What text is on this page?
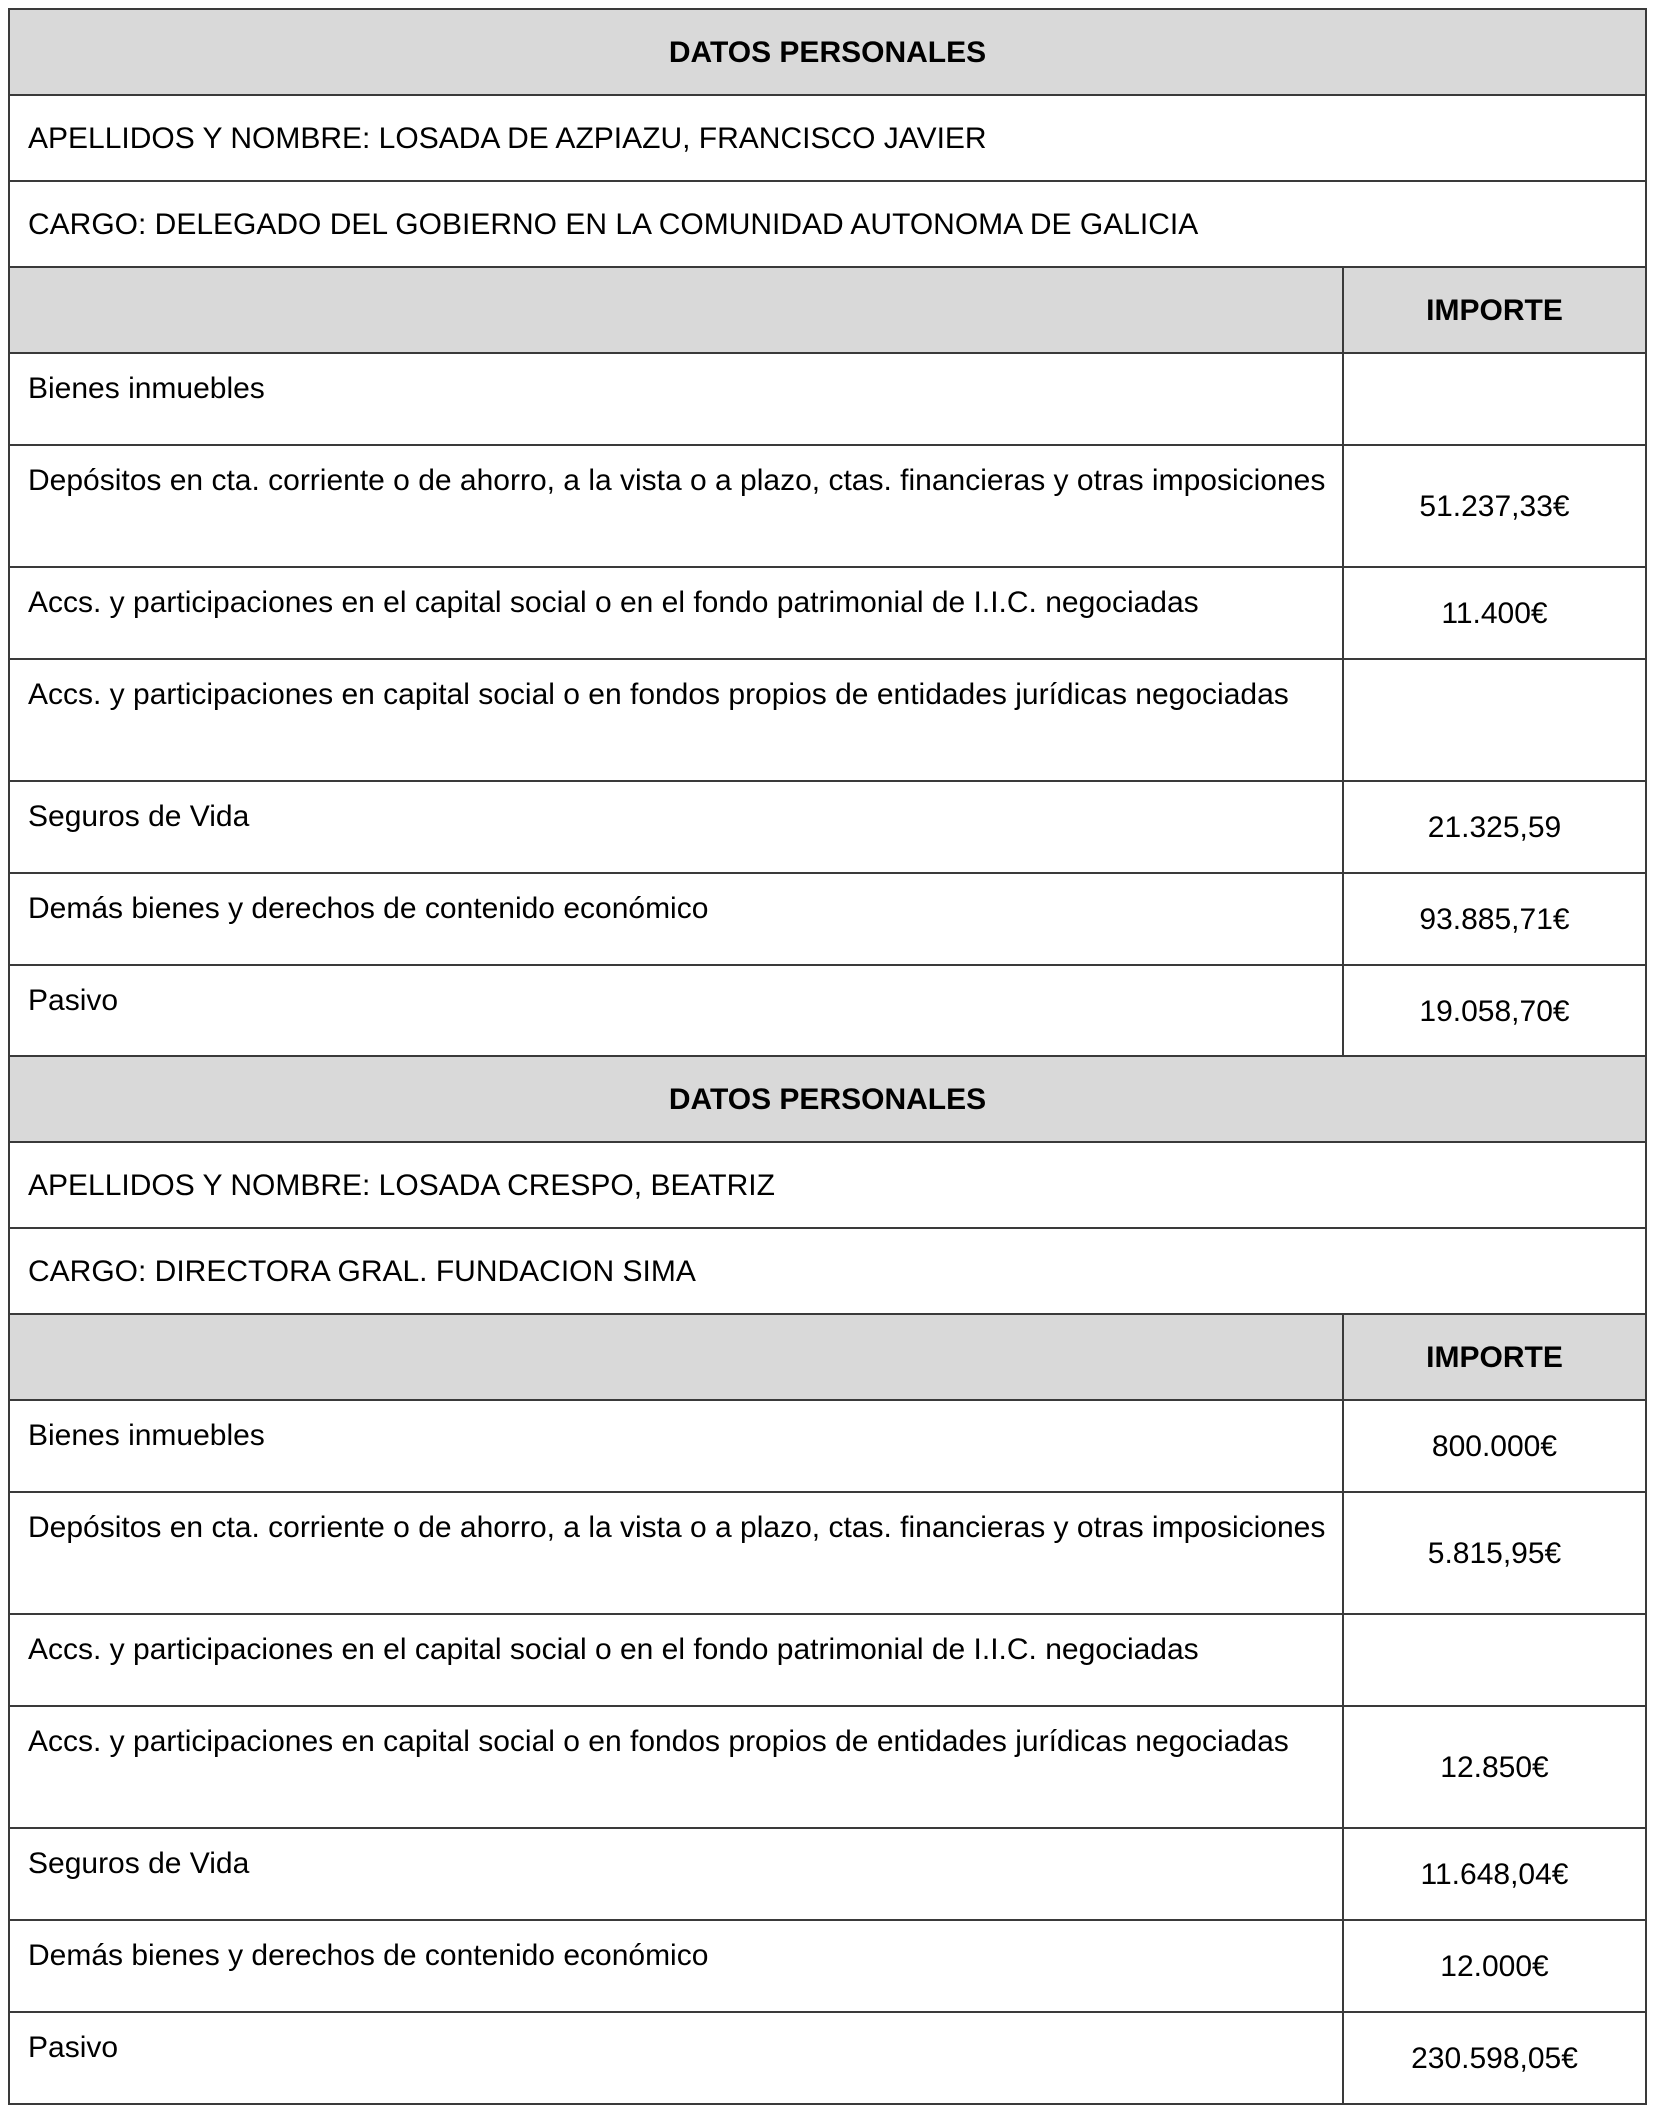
DATOS PERSONALES	
APELLIDOS Y NOMBRE: LOSADA DE AZPIAZU, FRANCISCO JAVIER	
CARGO: DELEGADO DEL GOBIERNO EN LA COMUNIDAD AUTONOMA DE GALICIA	
	IMPORTE
Bienes inmuebles	
Depósitos en cta. corriente o de ahorro, a la vista o a plazo, ctas. financieras y otras imposiciones	51.237,33€
Accs. y participaciones en el capital social o en el fondo patrimonial de I.I.C. negociadas	11.400€
Accs. y participaciones en capital social o en fondos propios de entidades jurídicas negociadas	
Seguros de Vida	21.325,59
Demás bienes y derechos de contenido económico	93.885,71€
Pasivo	19.058,70€
DATOS PERSONALES	
APELLIDOS Y NOMBRE: LOSADA CRESPO, BEATRIZ	
CARGO: DIRECTORA GRAL. FUNDACION SIMA	
	IMPORTE
Bienes inmuebles	800.000€
Depósitos en cta. corriente o de ahorro, a la vista o a plazo, ctas. financieras y otras imposiciones	5.815,95€
Accs. y participaciones en el capital social o en el fondo patrimonial de I.I.C. negociadas	
Accs. y participaciones en capital social o en fondos propios de entidades jurídicas negociadas	12.850€
Seguros de Vida	11.648,04€
Demás bienes y derechos de contenido económico	12.000€
Pasivo	230.598,05€
